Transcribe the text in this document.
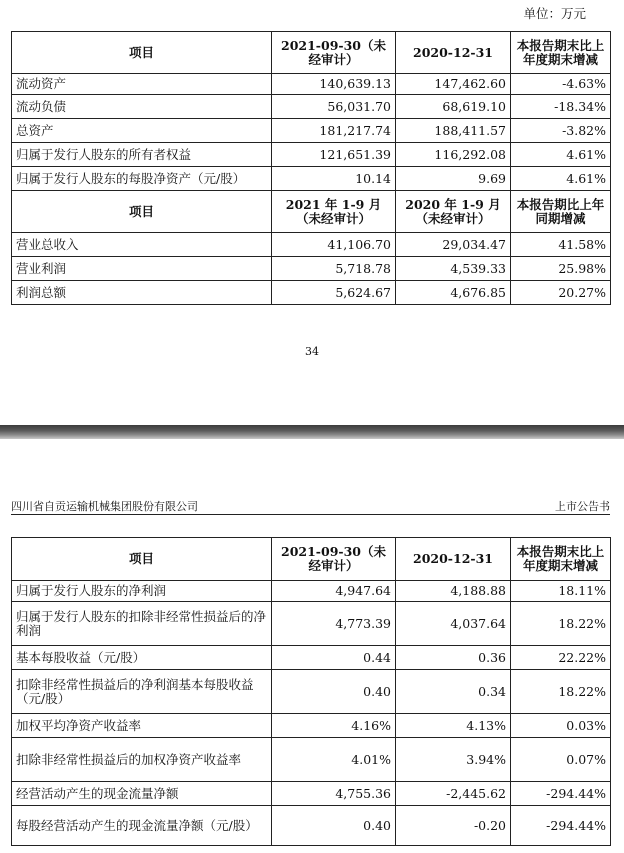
单位：万元
项目	2021-09-30（未经审计）	2020-12-31	本报告期末比上年度期末增减
流动资产	140,639.13	147,462.60	-4.63%
流动负债	56,031.70	68,619.10	-18.34%
总资产	181,217.74	188,411.57	-3.82%
归属于发行人股东的所有者权益	121,651.39	116,292.08	4.61%
归属于发行人股东的每股净资产（元/股）	10.14	9.69	4.61%
项目	2021 年 1-9 月（未经审计）	2020 年 1-9 月（未经审计）	本报告期比上年同期增减
营业总收入	41,106.70	29,034.47	41.58%
营业利润	5,718.78	4,539.33	25.98%
利润总额	5,624.67	4,676.85	20.27%
34
四川省自贡运输机械集团股份有限公司	上市公告书
项目	2021-09-30（未经审计）	2020-12-31	本报告期末比上年度期末增减
归属于发行人股东的净利润	4,947.64	4,188.88	18.11%
归属于发行人股东的扣除非经常性损益后的净利润	4,773.39	4,037.64	18.22%
基本每股收益（元/股）	0.44	0.36	22.22%
扣除非经常性损益后的净利润基本每股收益（元/股）	0.40	0.34	18.22%
加权平均净资产收益率	4.16%	4.13%	0.03%
扣除非经常性损益后的加权净资产收益率	4.01%	3.94%	0.07%
经营活动产生的现金流量净额	4,755.36	-2,445.62	-294.44%
每股经营活动产生的现金流量净额（元/股）	0.40	-0.20	-294.44%
